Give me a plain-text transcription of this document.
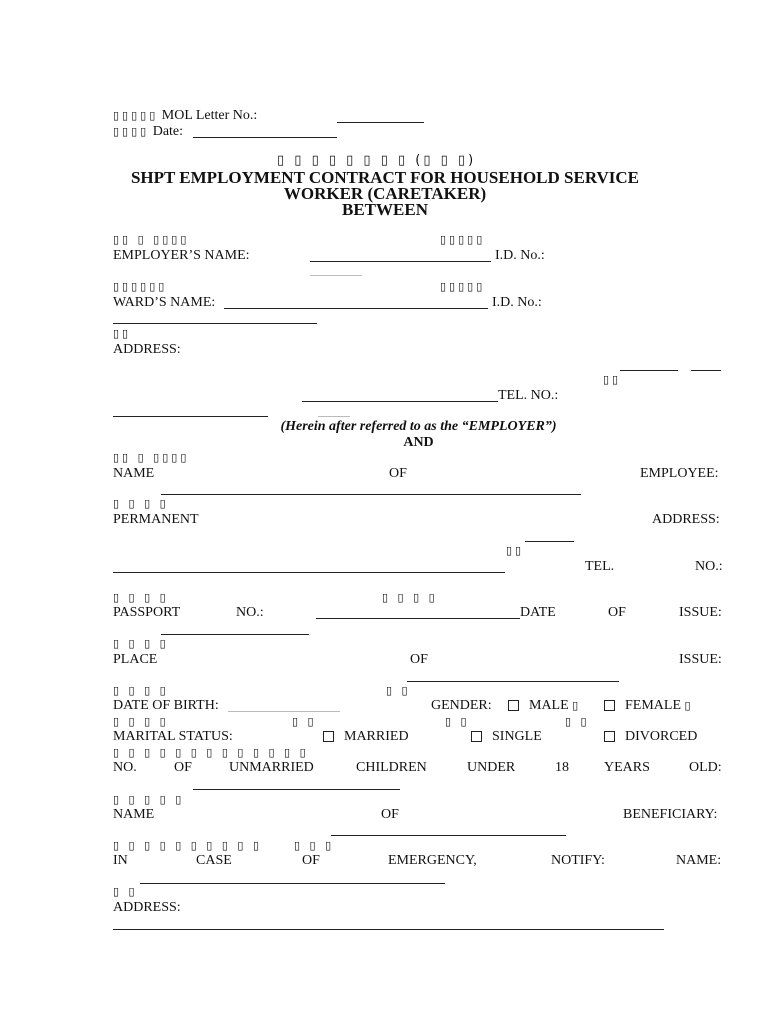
▯▯▯▯▯ MOL Letter No.:
▯▯▯▯ Date:
▯ ▯ ▯ ▯ ▯ ▯ ▯ ▯ (▯ ▯ ▯)
SHPT EMPLOYMENT CONTRACT FOR HOUSEHOLD SERVICE
WORKER (CARETAKER)
BETWEEN
▯▯ ▯ ▯▯▯▯	▯▯▯▯▯
EMPLOYER’S NAME:	I.D. No.:
▯▯▯▯▯▯	▯▯▯▯▯
WARD’S NAME:	I.D. No.:
▯▯
ADDRESS:
▯▯
TEL. NO.:
(Herein after referred to as the “EMPLOYER”)
AND
▯▯ ▯ ▯▯▯▯
NAME	OF	EMPLOYEE:
▯ ▯ ▯ ▯
PERMANENT	ADDRESS:
▯▯
TEL.	NO.:
▯ ▯ ▯ ▯	▯ ▯ ▯ ▯
PASSPORT	NO.:	DATE	OF	ISSUE:
▯ ▯ ▯ ▯
PLACE	OF	ISSUE:
▯ ▯ ▯ ▯	▯ ▯
DATE OF BIRTH:	GENDER:	MALE ▯	FEMALE ▯
▯ ▯ ▯ ▯	▯ ▯	▯ ▯	▯ ▯
MARITAL STATUS:	MARRIED	SINGLE	DIVORCED
▯ ▯ ▯ ▯ ▯ ▯ ▯ ▯ ▯ ▯ ▯ ▯ ▯
NO.	OF	UNMARRIED	CHILDREN	UNDER	18	YEARS	OLD:
▯ ▯ ▯ ▯ ▯
NAME	OF	BENEFICIARY:
▯ ▯ ▯ ▯ ▯ ▯ ▯ ▯ ▯ ▯	▯ ▯ ▯
IN	CASE	OF	EMERGENCY,	NOTIFY:	NAME:
▯ ▯
ADDRESS:
